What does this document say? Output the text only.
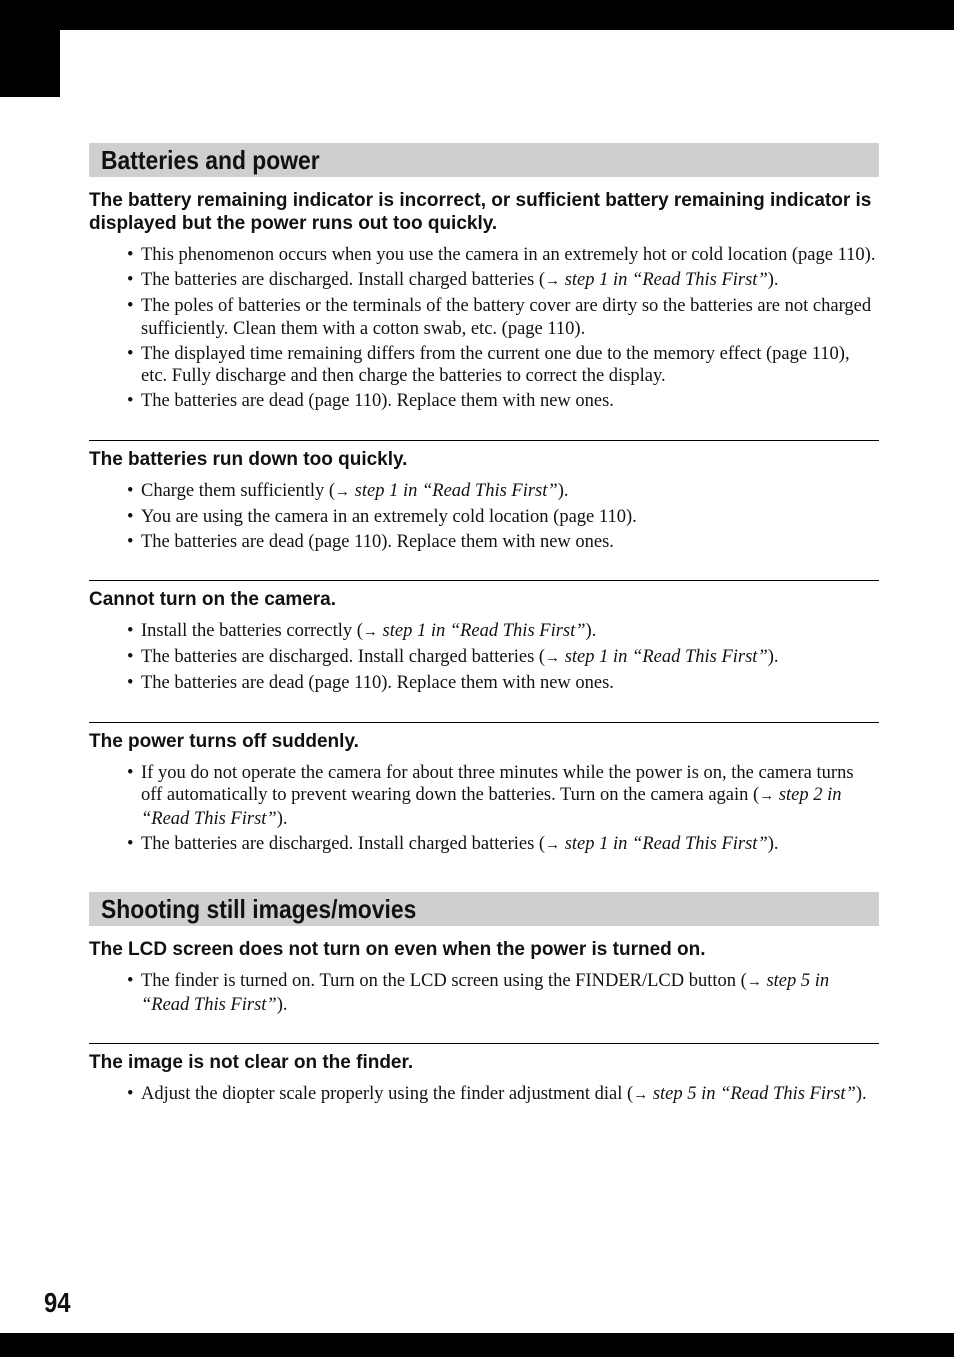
Batteries and power

The battery remaining indicator is incorrect, or sufficient battery remaining indicator is displayed but the power runs out too quickly.

• This phenomenon occurs when you use the camera in an extremely hot or cold location (page 110).
• The batteries are discharged. Install charged batteries (→ step 1 in “Read This First”).
• The poles of batteries or the terminals of the battery cover are dirty so the batteries are not charged sufficiently. Clean them with a cotton swab, etc. (page 110).
• The displayed time remaining differs from the current one due to the memory effect (page 110), etc. Fully discharge and then charge the batteries to correct the display.
• The batteries are dead (page 110). Replace them with new ones.

The batteries run down too quickly.

• Charge them sufficiently (→ step 1 in “Read This First”).
• You are using the camera in an extremely cold location (page 110).
• The batteries are dead (page 110). Replace them with new ones.

Cannot turn on the camera.

• Install the batteries correctly (→ step 1 in “Read This First”).
• The batteries are discharged. Install charged batteries (→ step 1 in “Read This First”).
• The batteries are dead (page 110). Replace them with new ones.

The power turns off suddenly.

• If you do not operate the camera for about three minutes while the power is on, the camera turns off automatically to prevent wearing down the batteries. Turn on the camera again (→ step 2 in “Read This First”).
• The batteries are discharged. Install charged batteries (→ step 1 in “Read This First”).
Shooting still images/movies

The LCD screen does not turn on even when the power is turned on.

• The finder is turned on. Turn on the LCD screen using the FINDER/LCD button (→ step 5 in “Read This First”).

The image is not clear on the finder.

• Adjust the diopter scale properly using the finder adjustment dial (→ step 5 in “Read This First”).
94
